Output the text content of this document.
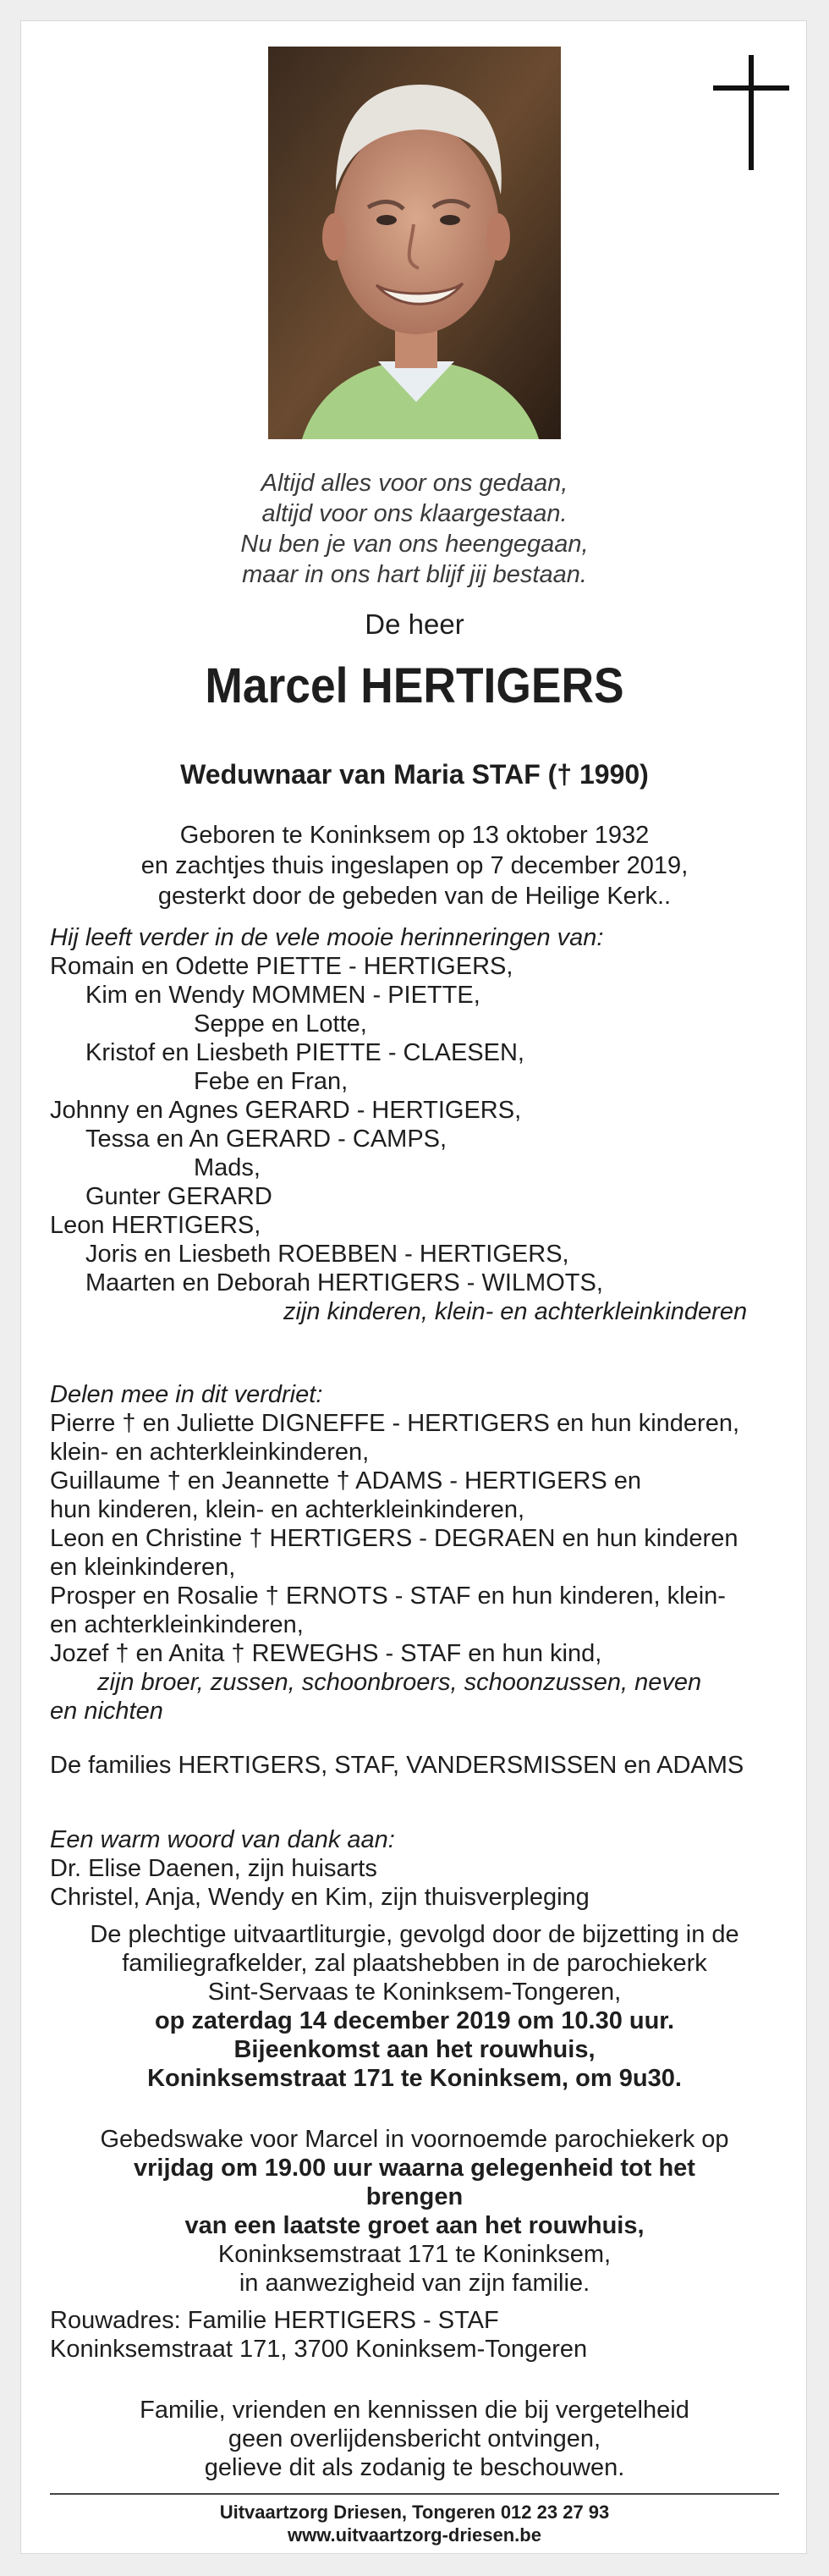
Altijd alles voor ons gedaan,
altijd voor ons klaargestaan.
Nu ben je van ons heengegaan,
maar in ons hart blijf jij bestaan.
De heer
Marcel HERTIGERS
Weduwnaar van Maria STAF († 1990)
Geboren te Koninksem op 13 oktober 1932
en zachtjes thuis ingeslapen op 7 december 2019,
gesterkt door de gebeden van de Heilige Kerk..
Hij leeft verder in de vele mooie herinneringen van:
Romain en Odette PIETTE - HERTIGERS,
Kim en Wendy MOMMEN - PIETTE,
Seppe en Lotte,
Kristof en Liesbeth PIETTE - CLAESEN,
Febe en Fran,
Johnny en Agnes GERARD - HERTIGERS,
Tessa en An GERARD - CAMPS,
Mads,
Gunter GERARD
Leon HERTIGERS,
Joris en Liesbeth ROEBBEN - HERTIGERS,
Maarten en Deborah HERTIGERS - WILMOTS,
zijn kinderen, klein- en achterkleinkinderen
Delen mee in dit verdriet:
Pierre † en Juliette DIGNEFFE - HERTIGERS en hun kinderen,
klein- en achterkleinkinderen,
Guillaume † en Jeannette † ADAMS - HERTIGERS en
hun kinderen, klein- en achterkleinkinderen,
Leon en Christine † HERTIGERS - DEGRAEN en hun kinderen
en kleinkinderen,
Prosper en Rosalie † ERNOTS - STAF en hun kinderen, klein-
en achterkleinkinderen,
Jozef † en Anita † REWEGHS - STAF en hun kind,
zijn broer, zussen, schoonbroers, schoonzussen, neven
en nichten
De families HERTIGERS, STAF, VANDERSMISSEN en ADAMS
Een warm woord van dank aan:
Dr. Elise Daenen, zijn huisarts
Christel, Anja, Wendy en Kim, zijn thuisverpleging
De plechtige uitvaartliturgie, gevolgd door de bijzetting in de
familiegrafkelder, zal plaatshebben in de parochiekerk
Sint-Servaas te Koninksem-Tongeren,
op zaterdag 14 december 2019 om 10.30 uur.
Bijeenkomst aan het rouwhuis,
Koninksemstraat 171 te Koninksem, om 9u30.
Gebedswake voor Marcel in voornoemde parochiekerk op
vrijdag om 19.00 uur waarna gelegenheid tot het
brengen
van een laatste groet aan het rouwhuis,
Koninksemstraat 171 te Koninksem,
in aanwezigheid van zijn familie.
Rouwadres: Familie HERTIGERS - STAF
Koninksemstraat 171, 3700 Koninksem-Tongeren
Familie, vrienden en kennissen die bij vergetelheid
geen overlijdensbericht ontvingen,
gelieve dit als zodanig te beschouwen.
Uitvaartzorg Driesen, Tongeren 012 23 27 93
www.uitvaartzorg-driesen.be
